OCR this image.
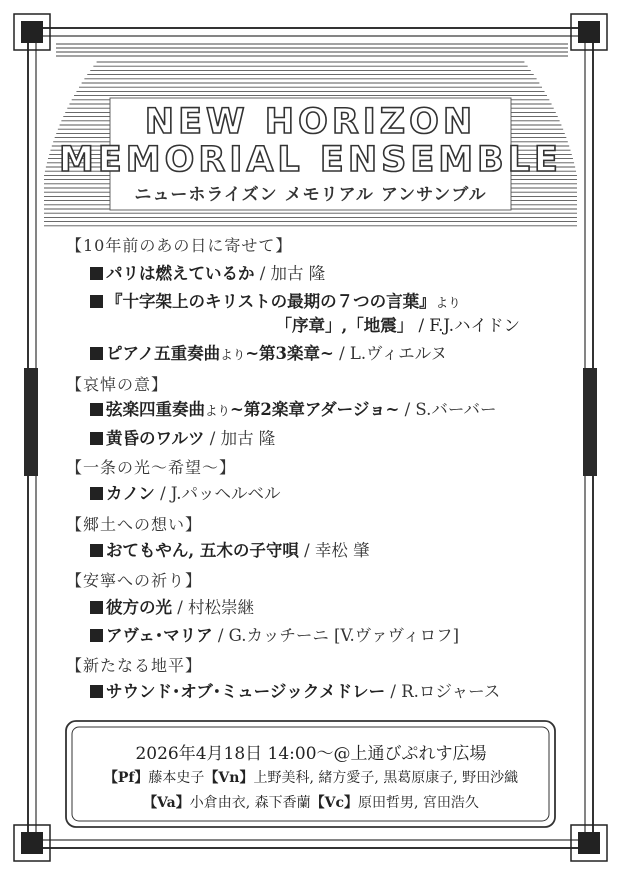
NEW HORIZON
MEMORIAL ENSEMBLE
ニューホライズン メモリアル アンサンブル
【10年前のあの日に寄せて】
パリは燃えているか / 加古 隆
『十字架上のキリストの最期の７つの言葉』より
「序章」,「地震」 / F.J.ハイドン
ピアノ五重奏曲より~第3楽章~ / L.ヴィエルヌ
【哀悼の意】
弦楽四重奏曲より~第2楽章アダージョ~ / S.バーバー
黄昏のワルツ / 加古 隆
【一条の光～希望～】
カノン / J.パッヘルベル
【郷土への想い】
おてもやん, 五木の子守唄 / 幸松 肇
【安寧への祈り】
彼方の光 / 村松崇継
アヴェ･マリア / G.カッチーニ [V.ヴァヴィロフ]
【新たなる地平】
サウンド･オブ･ミュージックメドレー / R.ロジャース
2026年4月18日 14:00～@上通びぷれす広場
【Pf】藤本史子【Vn】上野美科, 緒方愛子, 黒葛原康子, 野田沙織
【Va】小倉由衣, 森下香蘭【Vc】原田哲男, 宮田浩久
